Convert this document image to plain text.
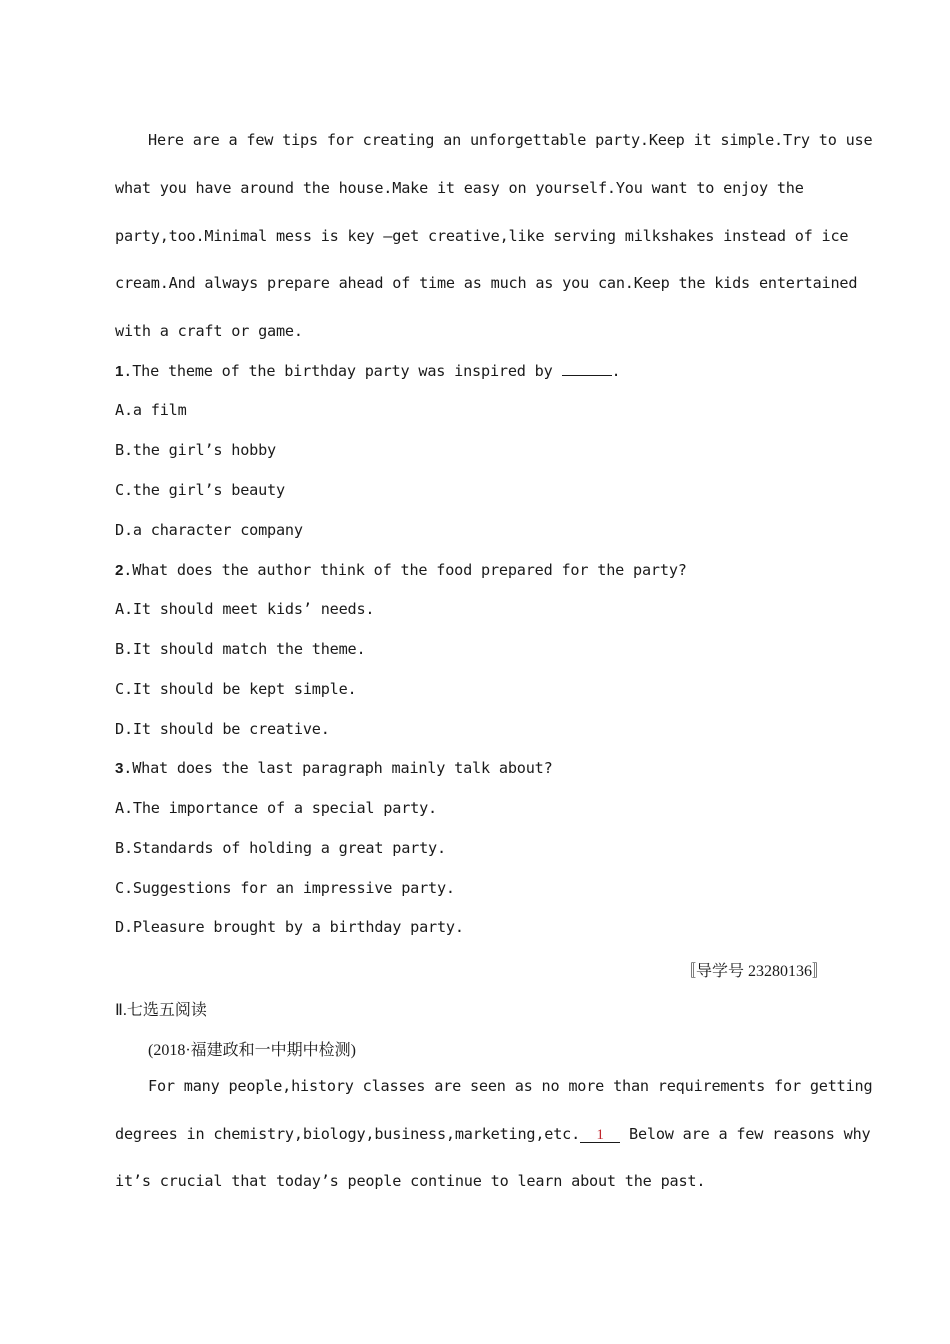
Here are a few tips for creating an unforgettable party.Keep it simple.Try to use
what you have around the house.Make it easy on yourself.You want to enjoy the
party,too.Minimal mess is key —get creative,like serving milkshakes instead of ice
cream.And always prepare ahead of time as much as you can.Keep the kids entertained
with a craft or game.
1.The theme of the birthday party was inspired by	.
A.a film
B.the girl’s hobby
C.the girl’s beauty
D.a character company
2.What does the author think of the food prepared for the party?
A.It should meet kids’ needs.
B.It should match the theme.
C.It should be kept simple.
D.It should be creative.
3.What does the last paragraph mainly talk about?
A.The importance of a special party.
B.Standards of holding a great party.
C.Suggestions for an impressive party.
D.Pleasure brought by a birthday party.
〚导学号 23280136〛
Ⅱ.七选五阅读
(2018·福建政和一中期中检测)
For many people,history classes are seen as no more than requirements for getting
degrees in chemistry,biology,business,marketing,etc. 1 Below are a few reasons why
it’s crucial that today’s people continue to learn about the past.
